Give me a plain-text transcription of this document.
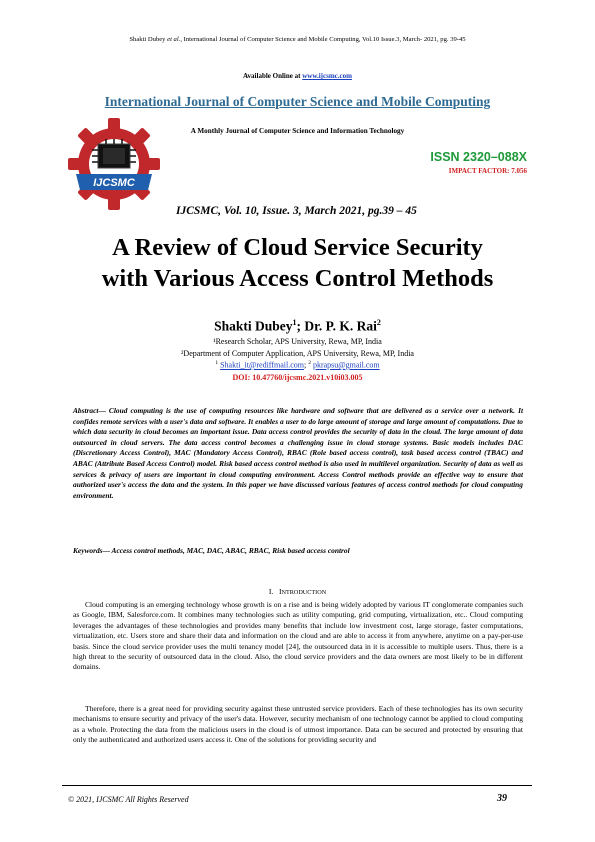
Shakti Dubey et al., International Journal of Computer Science and Mobile Computing, Vol.10 Issue.3, March- 2021, pg. 39-45
Available Online at www.ijcsmc.com
International Journal of Computer Science and Mobile Computing
A Monthly Journal of Computer Science and Information Technology
IJCSMC
ISSN 2320–088X
IMPACT FACTOR: 7.056
IJCSMC, Vol. 10, Issue. 3, March 2021, pg.39 – 45
A Review of Cloud Service Security
with Various Access Control Methods
Shakti Dubey$^1$; Dr. P. K. Rai$^2$
¹Research Scholar, APS University, Rewa, MP, India
²Department of Computer Application, APS University, Rewa, MP, India
$^1$ Shakti_it@rediffmail.com; $^2$ pkrapsu@gmail.com
DOI: 10.47760/ijcsmc.2021.v10i03.005
Abstract— Cloud computing is the use of computing resources like hardware and software that are delivered as a service over a network. It confides remote services with a user's data and software. It enables a user to do large amount of storage and large amount of computations. Due to which data security in cloud becomes an important issue. Data access control provides the security of data in the cloud. The large amount of data outsourced in cloud servers. The data access control becomes a challenging issue in cloud storage systems. Basic models includes DAC (Discretionary Access Control), MAC (Mandatory Access Control), RBAC (Role based access control), task based access control (TBAC) and ABAC (Attribute Based Access Control) model. Risk based access control method is also used in multilevel organization. Security of data as well as services & privacy of users are important in cloud computing environment. Access Control methods provide an effective way to ensure that authorized user's access the data and the system. In this paper we have discussed various features of access control methods for cloud computing environment.
Keywords— Access control methods, MAC, DAC, ABAC, RBAC, Risk based access control
I. INTRODUCTION

Cloud computing is an emerging technology whose growth is on a rise and is being widely adopted by various IT conglomerate companies such as Google, IBM, Salesforce.com. It combines many technologies such as utility computing, grid computing, virtualization, etc.. Cloud computing leverages the advantages of these technologies and provides many benefits that include low investment cost, large storage, faster computations, virtualization, etc. Users store and share their data and information on the cloud and are able to access it from anywhere, anytime on a pay-per-use basis. Since the cloud service provider uses the multi tenancy model [24], the outsourced data in it is accessible to multiple users. Thus, there is a high threat to the security of outsourced data in the cloud. Also, the cloud service providers and the data owners are most likely to be in different domains.

Therefore, there is a great need for providing security against these untrusted service providers. Each of these technologies has its own security mechanisms to ensure security and privacy of the user's data. However, security mechanism of one technology cannot be applied to cloud computing as a whole. Protecting the data from the malicious users in the cloud is of utmost importance. Data can be secured and protected by ensuring that only the authenticated and authorized users access it. One of the solutions for providing security and

© 2021, IJCSMC All Rights Reserved	39
